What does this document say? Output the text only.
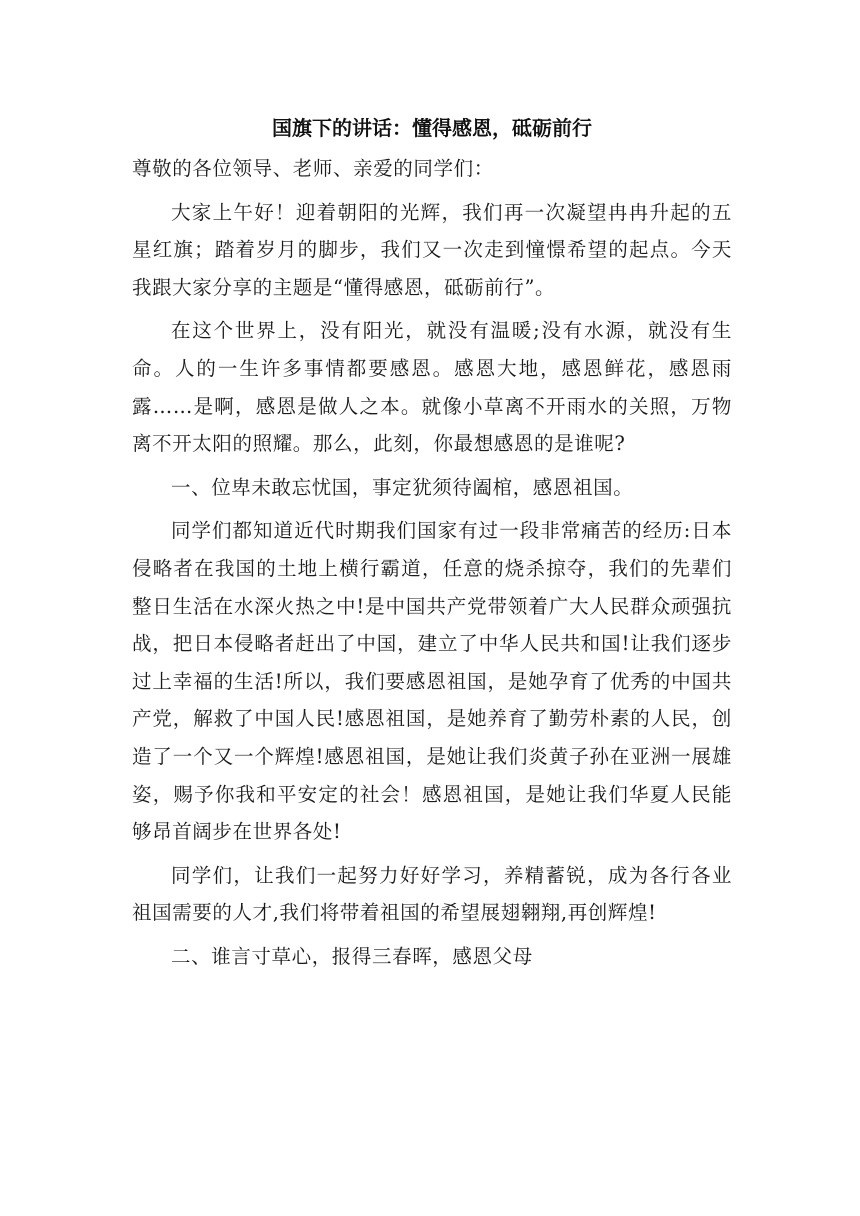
国旗下的讲话：懂得感恩，砥砺前行

尊敬的各位领导、老师、亲爱的同学们：

大家上午好！迎着朝阳的光辉，我们再一次凝望冉冉升起的五星红旗；踏着岁月的脚步，我们又一次走到憧憬希望的起点。今天我跟大家分享的主题是“懂得感恩，砥砺前行”。

在这个世界上，没有阳光，就没有温暖;没有水源，就没有生命。人的一生许多事情都要感恩。感恩大地，感恩鲜花，感恩雨露……是啊，感恩是做人之本。就像小草离不开雨水的关照，万物离不开太阳的照耀。那么，此刻，你最想感恩的是谁呢?

一、位卑未敢忘忧国，事定犹须待阖棺，感恩祖国。

同学们都知道近代时期我们国家有过一段非常痛苦的经历:日本侵略者在我国的土地上横行霸道，任意的烧杀掠夺，我们的先辈们整日生活在水深火热之中!是中国共产党带领着广大人民群众顽强抗战，把日本侵略者赶出了中国，建立了中华人民共和国!让我们逐步过上幸福的生活!所以，我们要感恩祖国，是她孕育了优秀的中国共产党，解救了中国人民!感恩祖国，是她养育了勤劳朴素的人民，创造了一个又一个辉煌!感恩祖国，是她让我们炎黄子孙在亚洲一展雄姿，赐予你我和平安定的社会！感恩祖国，是她让我们华夏人民能够昂首阔步在世界各处!

同学们，让我们一起努力好好学习，养精蓄锐，成为各行各业祖国需要的人才,我们将带着祖国的希望展翅翱翔,再创辉煌!

二、谁言寸草心，报得三春晖，感恩父母
